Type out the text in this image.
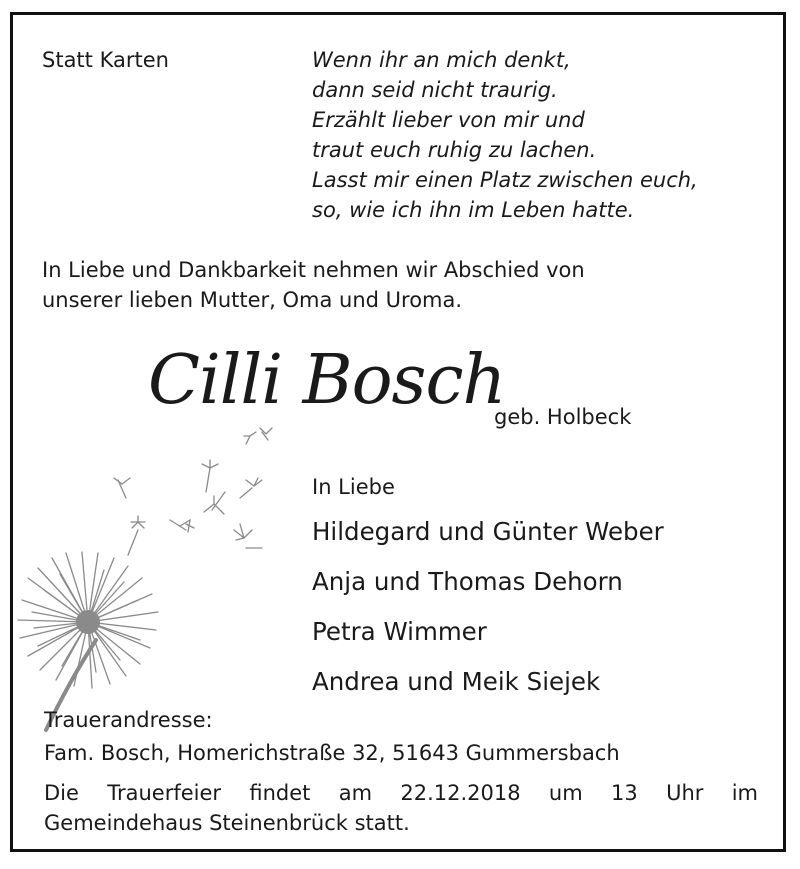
Statt Karten	Wenn ihr an mich denkt,
dann seid nicht traurig.
Erzählt lieber von mir und
traut euch ruhig zu lachen.
Lasst mir einen Platz zwischen euch,
so, wie ich ihn im Leben hatte.
In Liebe und Dankbarkeit nehmen wir Abschied von
unserer lieben Mutter, Oma und Uroma.

Cilli Bosch

geb. Holbeck

In Liebe

Hildegard und Günter Weber

Anja und Thomas Dehorn

Petra Wimmer

Andrea und Meik Siejek

Trauerandresse:

Fam. Bosch, Homerichstraße 32, 51643 Gummersbach

Die Trauerfeier findet am 22.12.2018 um 13 Uhr im
Gemeindehaus Steinenbrück statt.
